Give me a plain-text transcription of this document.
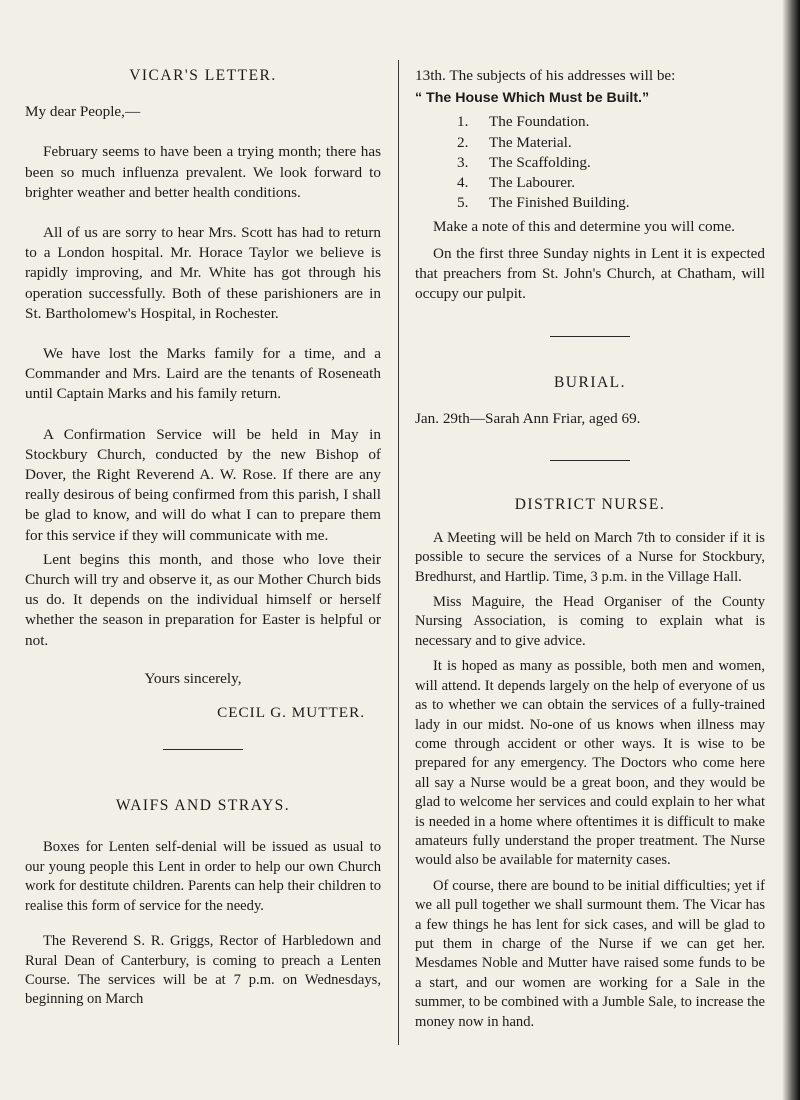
VICAR'S LETTER.

My dear People,—

February seems to have been a trying month; there has been so much influenza prevalent. We look forward to brighter weather and better health conditions.

All of us are sorry to hear Mrs. Scott has had to return to a London hospital. Mr. Horace Taylor we believe is rapidly improving, and Mr. White has got through his operation successfully. Both of these parishioners are in St. Bartholomew's Hospital, in Rochester.

We have lost the Marks family for a time, and a Commander and Mrs. Laird are the tenants of Roseneath until Captain Marks and his family return.

A Confirmation Service will be held in May in Stockbury Church, conducted by the new Bishop of Dover, the Right Reverend A. W. Rose. If there are any really desirous of being confirmed from this parish, I shall be glad to know, and will do what I can to prepare them for this service if they will communicate with me.

Lent begins this month, and those who love their Church will try and observe it, as our Mother Church bids us do. It depends on the individual himself or herself whether the season in preparation for Easter is helpful or not.

Yours sincerely,

CECIL G. MUTTER.

WAIFS AND STRAYS.

Boxes for Lenten self-denial will be issued as usual to our young people this Lent in order to help our own Church work for destitute children. Parents can help their children to realise this form of service for the needy.

The Reverend S. R. Griggs, Rector of Harbledown and Rural Dean of Canterbury, is coming to preach a Lenten Course. The services will be at 7 p.m. on Wednesdays, beginning on March

13th. The subjects of his addresses will be:

“ The House Which Must be Built.”

1.	The Foundation.
2.	The Material.
3.	The Scaffolding.
4.	The Labourer.
5.	The Finished Building.

Make a note of this and determine you will come.

On the first three Sunday nights in Lent it is expected that preachers from St. John's Church, at Chatham, will occupy our pulpit.

BURIAL.

Jan. 29th—Sarah Ann Friar, aged 69.

DISTRICT NURSE.

A Meeting will be held on March 7th to consider if it is possible to secure the services of a Nurse for Stockbury, Bredhurst, and Hartlip. Time, 3 p.m. in the Village Hall.

Miss Maguire, the Head Organiser of the County Nursing Association, is coming to explain what is necessary and to give advice.

It is hoped as many as possible, both men and women, will attend. It depends largely on the help of everyone of us as to whether we can obtain the services of a fully-trained lady in our midst. No-one of us knows when illness may come through accident or other ways. It is wise to be prepared for any emergency. The Doctors who come here all say a Nurse would be a great boon, and they would be glad to welcome her services and could explain to her what is needed in a home where oftentimes it is difficult to make amateurs fully understand the proper treatment. The Nurse would also be available for maternity cases.

Of course, there are bound to be initial difficulties; yet if we all pull together we shall surmount them. The Vicar has a few things he has lent for sick cases, and will be glad to put them in charge of the Nurse if we can get her. Mesdames Noble and Mutter have raised some funds to be a start, and our women are working for a Sale in the summer, to be combined with a Jumble Sale, to increase the money now in hand.
